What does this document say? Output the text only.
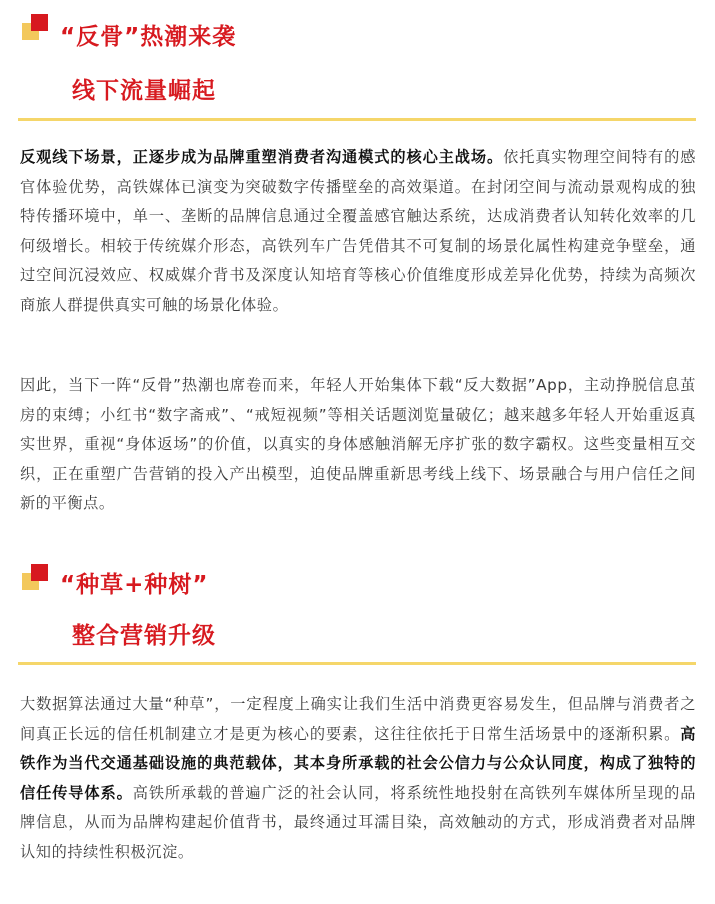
“反骨”热潮来袭
线下流量崛起
反观线下场景，正逐步成为品牌重塑消费者沟通模式的核心主战场。依托真实物理空间特有的感官体验优势，高铁媒体已演变为突破数字传播壁垒的高效渠道。在封闭空间与流动景观构成的独特传播环境中，单一、垄断的品牌信息通过全覆盖感官触达系统，达成消费者认知转化效率的几何级增长。相较于传统媒介形态，高铁列车广告凭借其不可复制的场景化属性构建竞争壁垒，通过空间沉浸效应、权威媒介背书及深度认知培育等核心价值维度形成差异化优势，持续为高频次商旅人群提供真实可触的场景化体验。
因此，当下一阵“反骨”热潮也席卷而来，年轻人开始集体下载“反大数据”App，主动挣脱信息茧房的束缚；小红书“数字斋戒”、“戒短视频”等相关话题浏览量破亿；越来越多年轻人开始重返真实世界，重视“身体返场”的价值，以真实的身体感触消解无序扩张的数字霸权。这些变量相互交织，正在重塑广告营销的投入产出模型，迫使品牌重新思考线上线下、场景融合与用户信任之间新的平衡点。
“种草+种树”
整合营销升级
大数据算法通过大量“种草”，一定程度上确实让我们生活中消费更容易发生，但品牌与消费者之间真正长远的信任机制建立才是更为核心的要素，这往往依托于日常生活场景中的逐渐积累。高铁作为当代交通基础设施的典范载体，其本身所承载的社会公信力与公众认同度，构成了独特的信任传导体系。高铁所承载的普遍广泛的社会认同，将系统性地投射在高铁列车媒体所呈现的品牌信息，从而为品牌构建起价值背书，最终通过耳濡目染，高效触动的方式，形成消费者对品牌认知的持续性积极沉淀。
